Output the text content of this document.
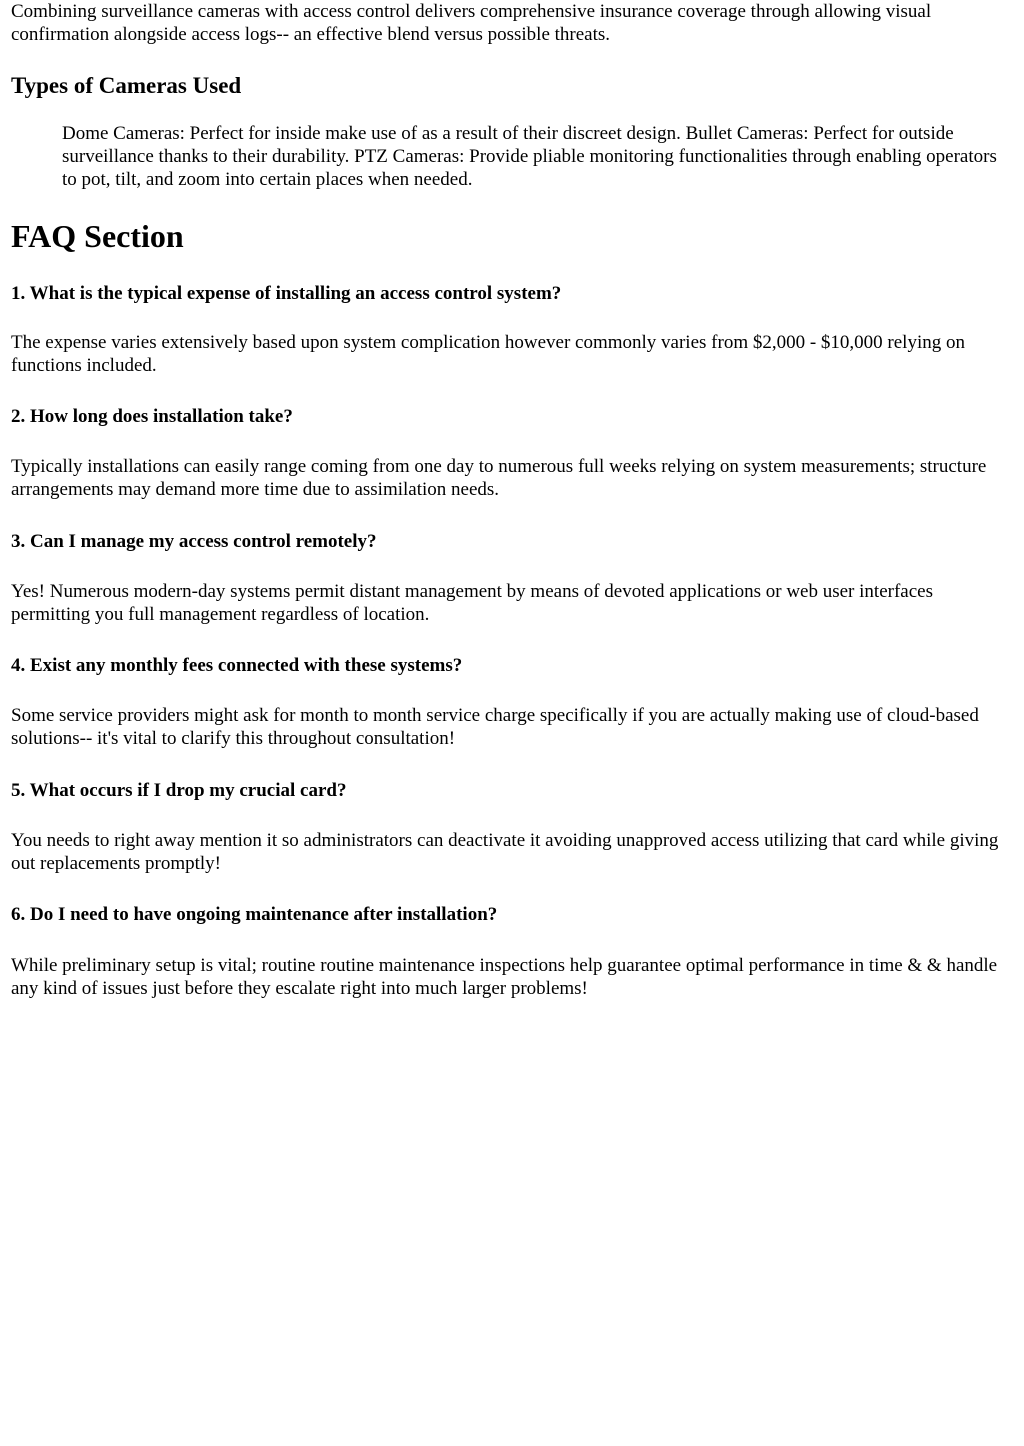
Combining surveillance cameras with access control delivers comprehensive insurance coverage through allowing visual confirmation alongside access logs-- an effective blend versus possible threats.

Types of Cameras Used
Dome Cameras: Perfect for inside make use of as a result of their discreet design. Bullet Cameras: Perfect for outside surveillance thanks to their durability. PTZ Cameras: Provide pliable monitoring functionalities through enabling operators to pot, tilt, and zoom into certain places when needed.
FAQ Section
1. What is the typical expense of installing an access control system?

The expense varies extensively based upon system complication however commonly varies from $2,000 - $10,000 relying on functions included.

2. How long does installation take?

Typically installations can easily range coming from one day to numerous full weeks relying on system measurements; structure arrangements may demand more time due to assimilation needs.

3. Can I manage my access control remotely?

Yes! Numerous modern-day systems permit distant management by means of devoted applications or web user interfaces permitting you full management regardless of location.

4. Exist any monthly fees connected with these systems?

Some service providers might ask for month to month service charge specifically if you are actually making use of cloud-based solutions-- it's vital to clarify this throughout consultation!

5. What occurs if I drop my crucial card?

You needs to right away mention it so administrators can deactivate it avoiding unapproved access utilizing that card while giving out replacements promptly!

6. Do I need to have ongoing maintenance after installation?

While preliminary setup is vital; routine routine maintenance inspections help guarantee optimal performance in time & & handle any kind of issues just before they escalate right into much larger problems!
